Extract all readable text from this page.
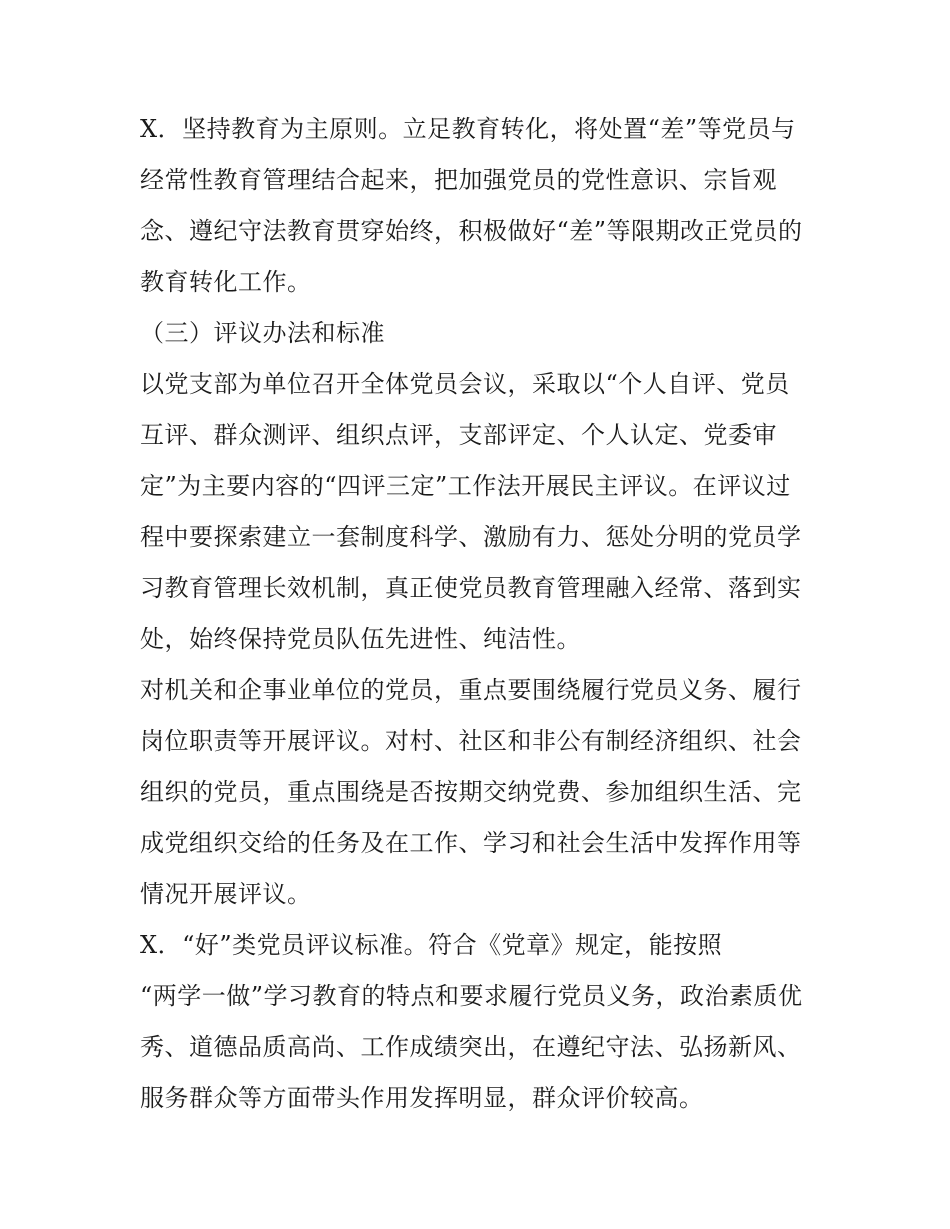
X．坚持教育为主原则。立足教育转化，将处置“差”等党员与
经常性教育管理结合起来，把加强党员的党性意识、宗旨观
念、遵纪守法教育贯穿始终，积极做好“差”等限期改正党员的
教育转化工作。
（三）评议办法和标准
以党支部为单位召开全体党员会议，采取以“个人自评、党员
互评、群众测评、组织点评，支部评定、个人认定、党委审
定”为主要内容的“四评三定”工作法开展民主评议。在评议过
程中要探索建立一套制度科学、激励有力、惩处分明的党员学
习教育管理长效机制，真正使党员教育管理融入经常、落到实
处，始终保持党员队伍先进性、纯洁性。
对机关和企事业单位的党员，重点要围绕履行党员义务、履行
岗位职责等开展评议。对村、社区和非公有制经济组织、社会
组织的党员，重点围绕是否按期交纳党费、参加组织生活、完
成党组织交给的任务及在工作、学习和社会生活中发挥作用等
情况开展评议。
X．“好”类党员评议标准。符合《党章》规定，能按照
“两学一做”学习教育的特点和要求履行党员义务，政治素质优
秀、道德品质高尚、工作成绩突出，在遵纪守法、弘扬新风、
服务群众等方面带头作用发挥明显，群众评价较高。
